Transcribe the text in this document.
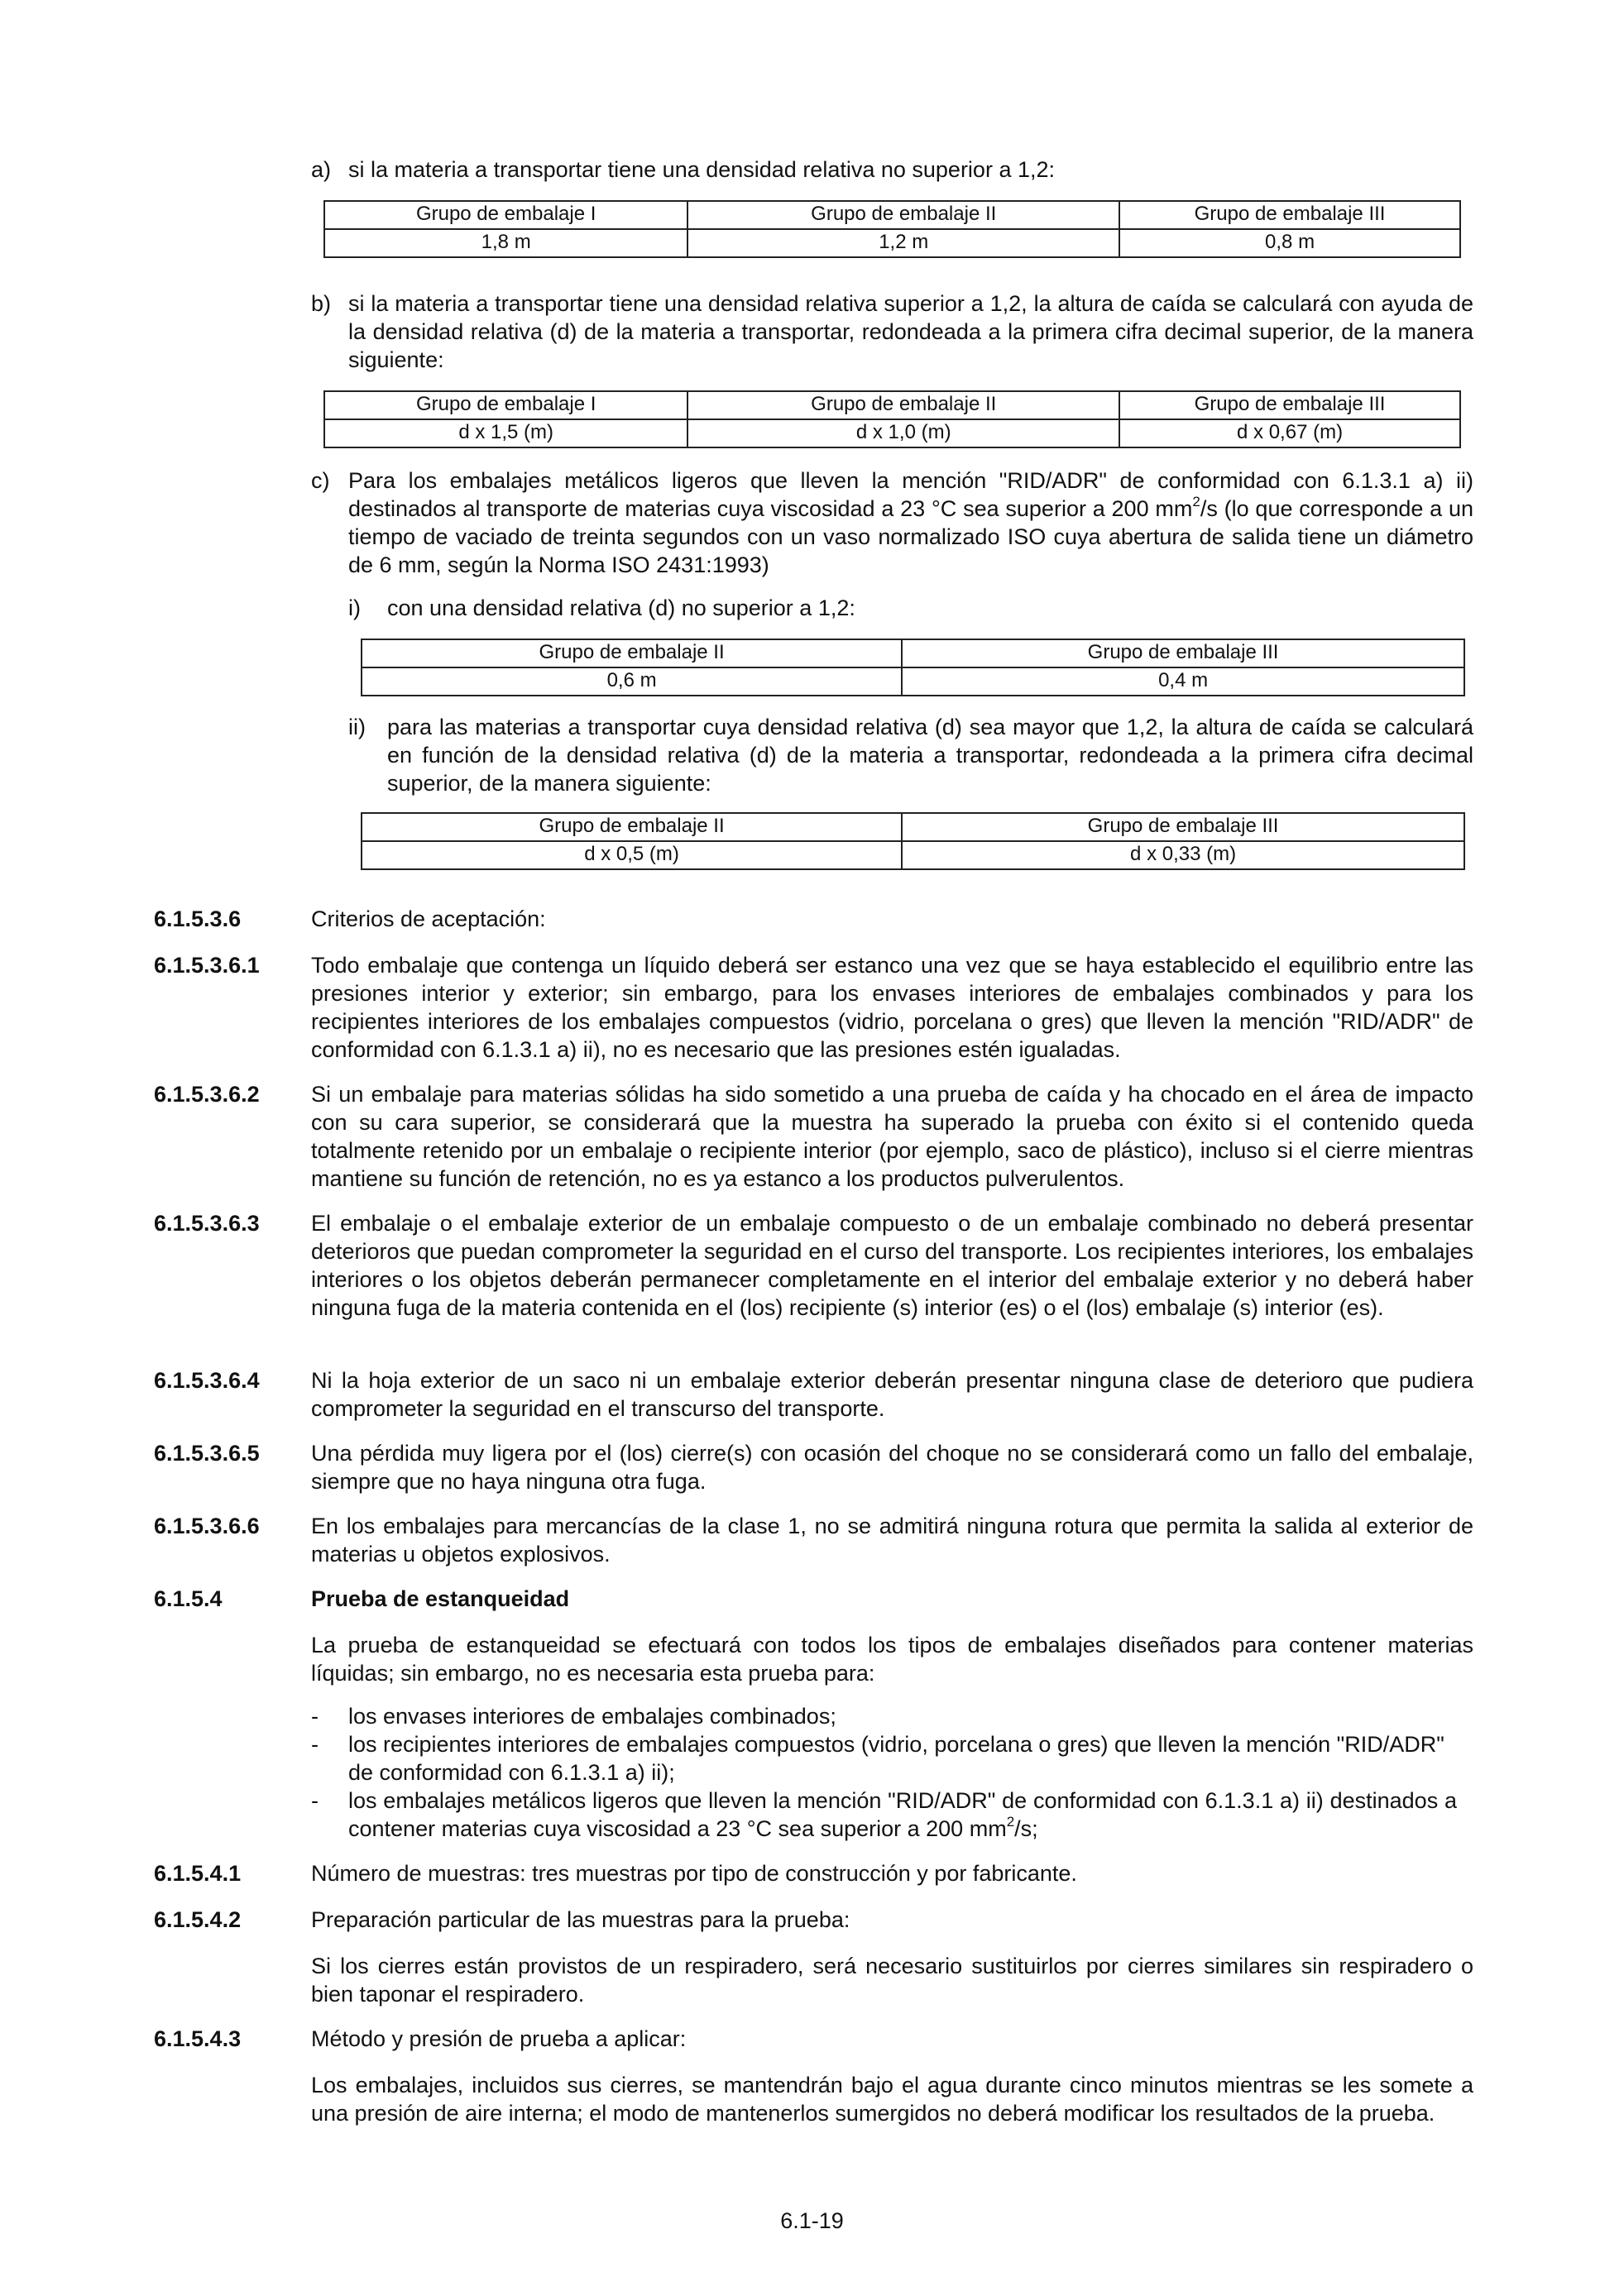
a) si la materia a transportar tiene una densidad relativa no superior a 1,2:
Grupo de embalaje I	Grupo de embalaje II	Grupo de embalaje III
1,8 m	1,2 m	0,8 m
b) si la materia a transportar tiene una densidad relativa superior a 1,2, la altura de caída se calculará con ayuda de la densidad relativa (d) de la materia a transportar, redondeada a la primera cifra decimal superior, de la manera siguiente:
Grupo de embalaje I	Grupo de embalaje II	Grupo de embalaje III
d x 1,5 (m)	d x 1,0 (m)	d x 0,67 (m)
c) Para los embalajes metálicos ligeros que lleven la mención "RID/ADR" de conformidad con 6.1.3.1 a) ii) destinados al transporte de materias cuya viscosidad a 23 °C sea superior a 200 $mm^2/s$ (lo que corresponde a un tiempo de vaciado de treinta segundos con un vaso normalizado ISO cuya abertura de salida tiene un diámetro de 6 mm, según la Norma ISO 2431:1993)
i) con una densidad relativa (d) no superior a 1,2:
Grupo de embalaje II	Grupo de embalaje III
0,6 m	0,4 m
ii) para las materias a transportar cuya densidad relativa (d) sea mayor que 1,2, la altura de caída se calculará en función de la densidad relativa (d) de la materia a transportar, redondeada a la primera cifra decimal superior, de la manera siguiente:
Grupo de embalaje II	Grupo de embalaje III
d x 0,5 (m)	d x 0,33 (m)
6.1.5.3.6	Criterios de aceptación:
6.1.5.3.6.1 Todo embalaje que contenga un líquido deberá ser estanco una vez que se haya establecido el equilibrio entre las presiones interior y exterior; sin embargo, para los envases interiores de embalajes combinados y para los recipientes interiores de los embalajes compuestos (vidrio, porcelana o gres) que lleven la mención "RID/ADR" de conformidad con 6.1.3.1 a) ii), no es necesario que las presiones estén igualadas.
6.1.5.3.6.2 Si un embalaje para materias sólidas ha sido sometido a una prueba de caída y ha chocado en el área de impacto con su cara superior, se considerará que la muestra ha superado la prueba con éxito si el contenido queda totalmente retenido por un embalaje o recipiente interior (por ejemplo, saco de plástico), incluso si el cierre mientras mantiene su función de retención, no es ya estanco a los productos pulverulentos.
6.1.5.3.6.3 El embalaje o el embalaje exterior de un embalaje compuesto o de un embalaje combinado no deberá presentar deterioros que puedan comprometer la seguridad en el curso del transporte. Los recipientes interiores, los embalajes interiores o los objetos deberán permanecer completamente en el interior del embalaje exterior y no deberá haber ninguna fuga de la materia contenida en el (los) recipiente (s) interior (es) o el (los) embalaje (s) interior (es).
6.1.5.3.6.4 Ni la hoja exterior de un saco ni un embalaje exterior deberán presentar ninguna clase de deterioro que pudiera comprometer la seguridad en el transcurso del transporte.
6.1.5.3.6.5 Una pérdida muy ligera por el (los) cierre(s) con ocasión del choque no se considerará como un fallo del embalaje, siempre que no haya ninguna otra fuga.
6.1.5.3.6.6 En los embalajes para mercancías de la clase 1, no se admitirá ninguna rotura que permita la salida al exterior de materias u objetos explosivos.
6.1.5.4	Prueba de estanqueidad
La prueba de estanqueidad se efectuará con todos los tipos de embalajes diseñados para contener materias líquidas; sin embargo, no es necesaria esta prueba para:
- los envases interiores de embalajes combinados;
- los recipientes interiores de embalajes compuestos (vidrio, porcelana o gres) que lleven la mención "RID/ADR" de conformidad con 6.1.3.1 a) ii);
- los embalajes metálicos ligeros que lleven la mención "RID/ADR" de conformidad con 6.1.3.1 a) ii) destinados a contener materias cuya viscosidad a 23 °C sea superior a 200 $mm^2/s$;
6.1.5.4.1	Número de muestras: tres muestras por tipo de construcción y por fabricante.
6.1.5.4.2	Preparación particular de las muestras para la prueba:
Si los cierres están provistos de un respiradero, será necesario sustituirlos por cierres similares sin respiradero o bien taponar el respiradero.
6.1.5.4.3	Método y presión de prueba a aplicar:
Los embalajes, incluidos sus cierres, se mantendrán bajo el agua durante cinco minutos mientras se les somete a una presión de aire interna; el modo de mantenerlos sumergidos no deberá modificar los resultados de la prueba.
6.1-19
